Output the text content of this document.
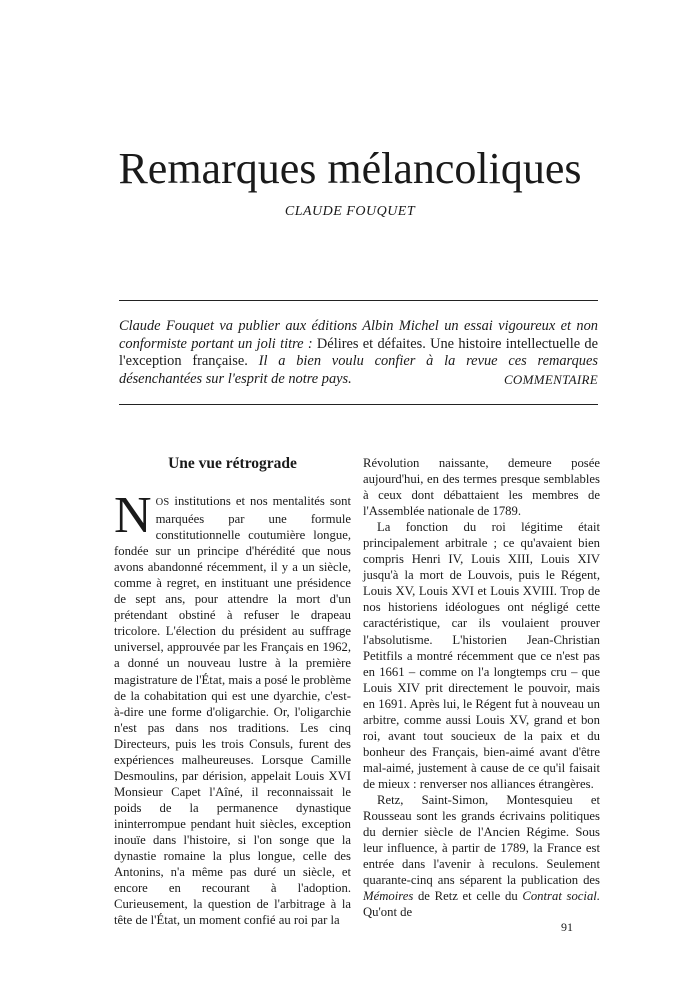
Remarques mélancoliques
CLAUDE FOUQUET

Claude Fouquet va publier aux éditions Albin Michel un essai vigoureux et non conformiste portant un joli titre : Délires et défaites. Une histoire intellectuelle de l'exception française. Il a bien voulu confier à la revue ces remarques désenchantées sur l'esprit de notre pays.	COMMENTAIRE
Une vue rétrograde

NOS institutions et nos mentalités sont marquées par une formule constitutionnelle coutumière longue, fondée sur un principe d'hérédité que nous avons abandonné récemment, il y a un siècle, comme à regret, en instituant une présidence de sept ans, pour attendre la mort d'un prétendant obstiné à refuser le drapeau tricolore. L'élection du président au suffrage universel, approuvée par les Français en 1962, a donné un nouveau lustre à la première magistrature de l'État, mais a posé le problème de la cohabitation qui est une dyarchie, c'est-à-dire une forme d'oligarchie. Or, l'oligarchie n'est pas dans nos traditions. Les cinq Directeurs, puis les trois Consuls, furent des expériences malheureuses. Lorsque Camille Desmoulins, par dérision, appelait Louis XVI Monsieur Capet l'Aîné, il reconnaissait le poids de la permanence dynastique ininterrompue pendant huit siècles, exception inouïe dans l'histoire, si l'on songe que la dynastie romaine la plus longue, celle des Antonins, n'a même pas duré un siècle, et encore en recourant à l'adoption. Curieusement, la question de l'arbitrage à la tête de l'État, un moment confié au roi par la

Révolution naissante, demeure posée aujourd'hui, en des termes presque semblables à ceux dont débattaient les membres de l'Assemblée nationale de 1789.

La fonction du roi légitime était principalement arbitrale ; ce qu'avaient bien compris Henri IV, Louis XIII, Louis XIV jusqu'à la mort de Louvois, puis le Régent, Louis XV, Louis XVI et Louis XVIII. Trop de nos historiens idéologues ont négligé cette caractéristique, car ils voulaient prouver l'absolutisme. L'historien Jean-Christian Petitfils a montré récemment que ce n'est pas en 1661 – comme on l'a longtemps cru – que Louis XIV prit directement le pouvoir, mais en 1691. Après lui, le Régent fut à nouveau un arbitre, comme aussi Louis XV, grand et bon roi, avant tout soucieux de la paix et du bonheur des Français, bien-aimé avant d'être mal-aimé, justement à cause de ce qu'il faisait de mieux : renverser nos alliances étrangères.

Retz, Saint-Simon, Montesquieu et Rousseau sont les grands écrivains politiques du dernier siècle de l'Ancien Régime. Sous leur influence, à partir de 1789, la France est entrée dans l'avenir à reculons. Seulement quarante-cinq ans séparent la publication des Mémoires de Retz et celle du Contrat social. Qu'ont de

91
